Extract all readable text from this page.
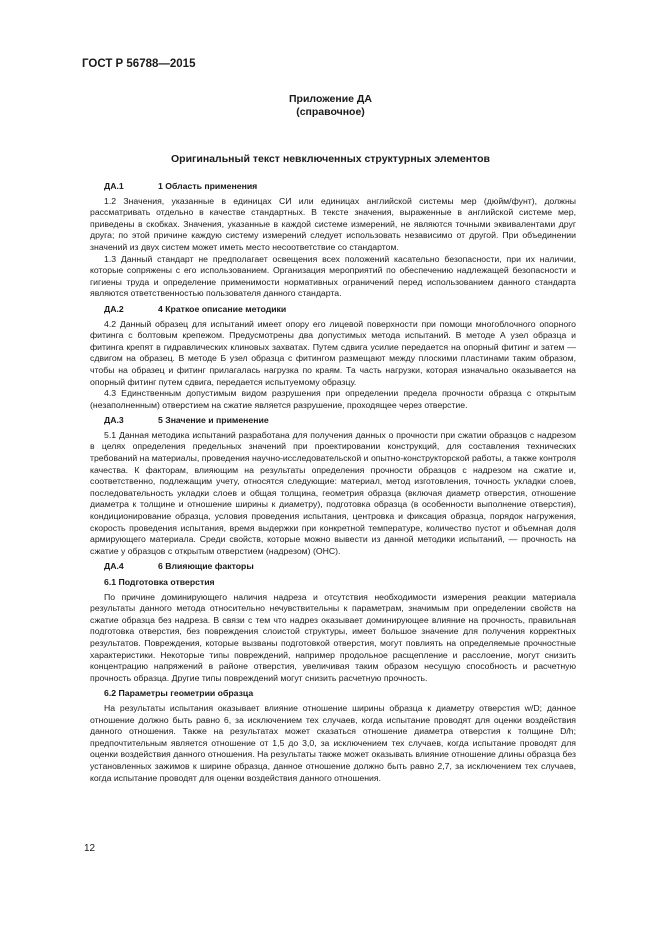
ГОСТ Р 56788—2015
Приложение ДА
(справочное)
Оригинальный текст невключенных структурных элементов
ДА.1	1 Область применения

1.2 Значения, указанные в единицах СИ или единицах английской системы мер (дюйм/фунт), должны рассматривать отдельно в качестве стандартных. В тексте значения, выраженные в английской системе мер, приведены в скобках. Значения, указанные в каждой системе измерений, не являются точными эквивалентами друг друга; по этой причине каждую систему измерений следует использовать независимо от другой. При объединении значений из двух систем может иметь место несоответствие со стандартом.

1.3 Данный стандарт не предполагает освещения всех положений касательно безопасности, при их наличии, которые сопряжены с его использованием. Организация мероприятий по обеспечению надлежащей безопасности и гигиены труда и определение применимости нормативных ограничений перед использованием данного стандарта являются ответственностью пользователя данного стандарта.

ДА.2	4 Краткое описание методики

4.2 Данный образец для испытаний имеет опору его лицевой поверхности при помощи многоблочного опорного фитинга с болтовым крепежом. Предусмотрены два допустимых метода испытаний. В методе А узел образца и фитинга крепят в гидравлических клиновых захватах. Путем сдвига усилие передается на опорный фитинг и затем — сдвигом на образец. В методе Б узел образца с фитингом размещают между плоскими пластинами таким образом, чтобы на образец и фитинг прилагалась нагрузка по краям. Та часть нагрузки, которая изначально оказывается на опорный фитинг путем сдвига, передается испытуемому образцу.

4.3 Единственным допустимым видом разрушения при определении предела прочности образца с открытым (незаполненным) отверстием на сжатие является разрушение, проходящее через отверстие.

ДА.3	5 Значение и применение

5.1 Данная методика испытаний разработана для получения данных о прочности при сжатии образцов с надрезом в целях определения предельных значений при проектировании конструкций, для составления технических требований на материалы, проведения научно-исследовательской и опытно-конструкторской работы, а также контроля качества. К факторам, влияющим на результаты определения прочности образцов с надрезом на сжатие и, соответственно, подлежащим учету, относятся следующие: материал, метод изготовления, точность укладки слоев, последовательность укладки слоев и общая толщина, геометрия образца (включая диаметр отверстия, отношение диаметра к толщине и отношение ширины к диаметру), подготовка образца (в особенности выполнение отверстия), кондиционирование образца, условия проведения испытания, центровка и фиксация образца, порядок нагружения, скорость проведения испытания, время выдержки при конкретной температуре, количество пустот и объемная доля армирующего материала. Среди свойств, которые можно вывести из данной методики испытаний, — прочность на сжатие у образцов с открытым отверстием (надрезом) (ОНС).

ДА.4	6 Влияющие факторы
6.1 Подготовка отверстия

По причине доминирующего наличия надреза и отсутствия необходимости измерения реакции материала результаты данного метода относительно нечувствительны к параметрам, значимым при определении свойств на сжатие образца без надреза. В связи с тем что надрез оказывает доминирующее влияние на прочность, правильная подготовка отверстия, без повреждения слоистой структуры, имеет большое значение для получения корректных результатов. Повреждения, которые вызваны подготовкой отверстия, могут повлиять на определяемые прочностные характеристики. Некоторые типы повреждений, например продольное расщепление и расслоение, могут снизить концентрацию напряжений в районе отверстия, увеличивая таким образом несущую способность и расчетную прочность образца. Другие типы повреждений могут снизить расчетную прочность.

6.2 Параметры геометрии образца

На результаты испытания оказывает влияние отношение ширины образца к диаметру отверстия w/D; данное отношение должно быть равно 6, за исключением тех случаев, когда испытание проводят для оценки воздействия данного отношения. Также на результатах может сказаться отношение диаметра отверстия к толщине D/h; предпочтительным является отношение от 1,5 до 3,0, за исключением тех случаев, когда испытание проводят для оценки воздействия данного отношения. На результаты также может оказывать влияние отношение длины образца без установленных зажимов к ширине образца, данное отношение должно быть равно 2,7, за исключением тех случаев, когда испытание проводят для оценки воздействия данного отношения.

12
